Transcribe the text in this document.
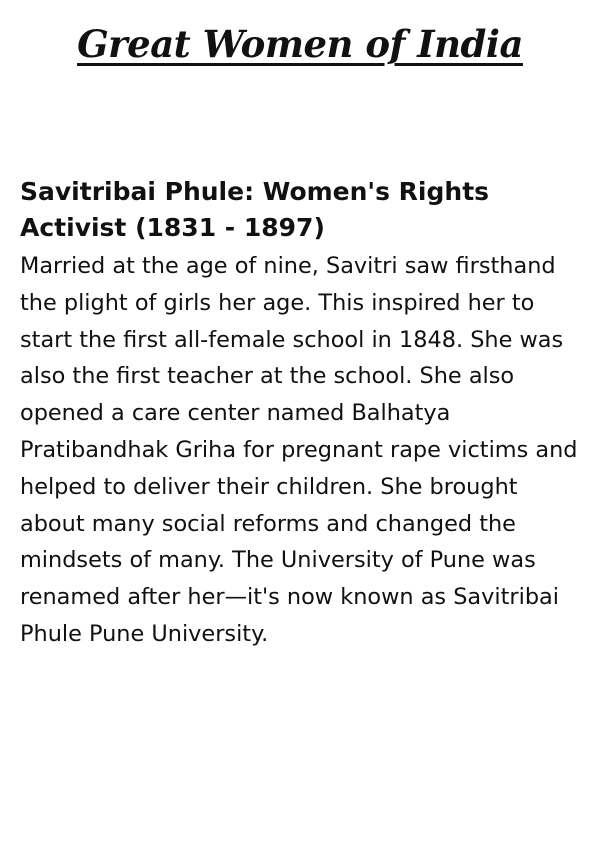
Great Women of India
Savitribai Phule: Women's Rights Activist (1831 - 1897)

Married at the age of nine, Savitri saw firsthand the plight of girls her age. This inspired her to start the first all-female school in 1848. She was also the first teacher at the school. She also opened a care center named Balhatya Pratibandhak Griha for pregnant rape victims and helped to deliver their children. She brought about many social reforms and changed the mindsets of many. The University of Pune was renamed after her—it's now known as Savitribai Phule Pune University.
